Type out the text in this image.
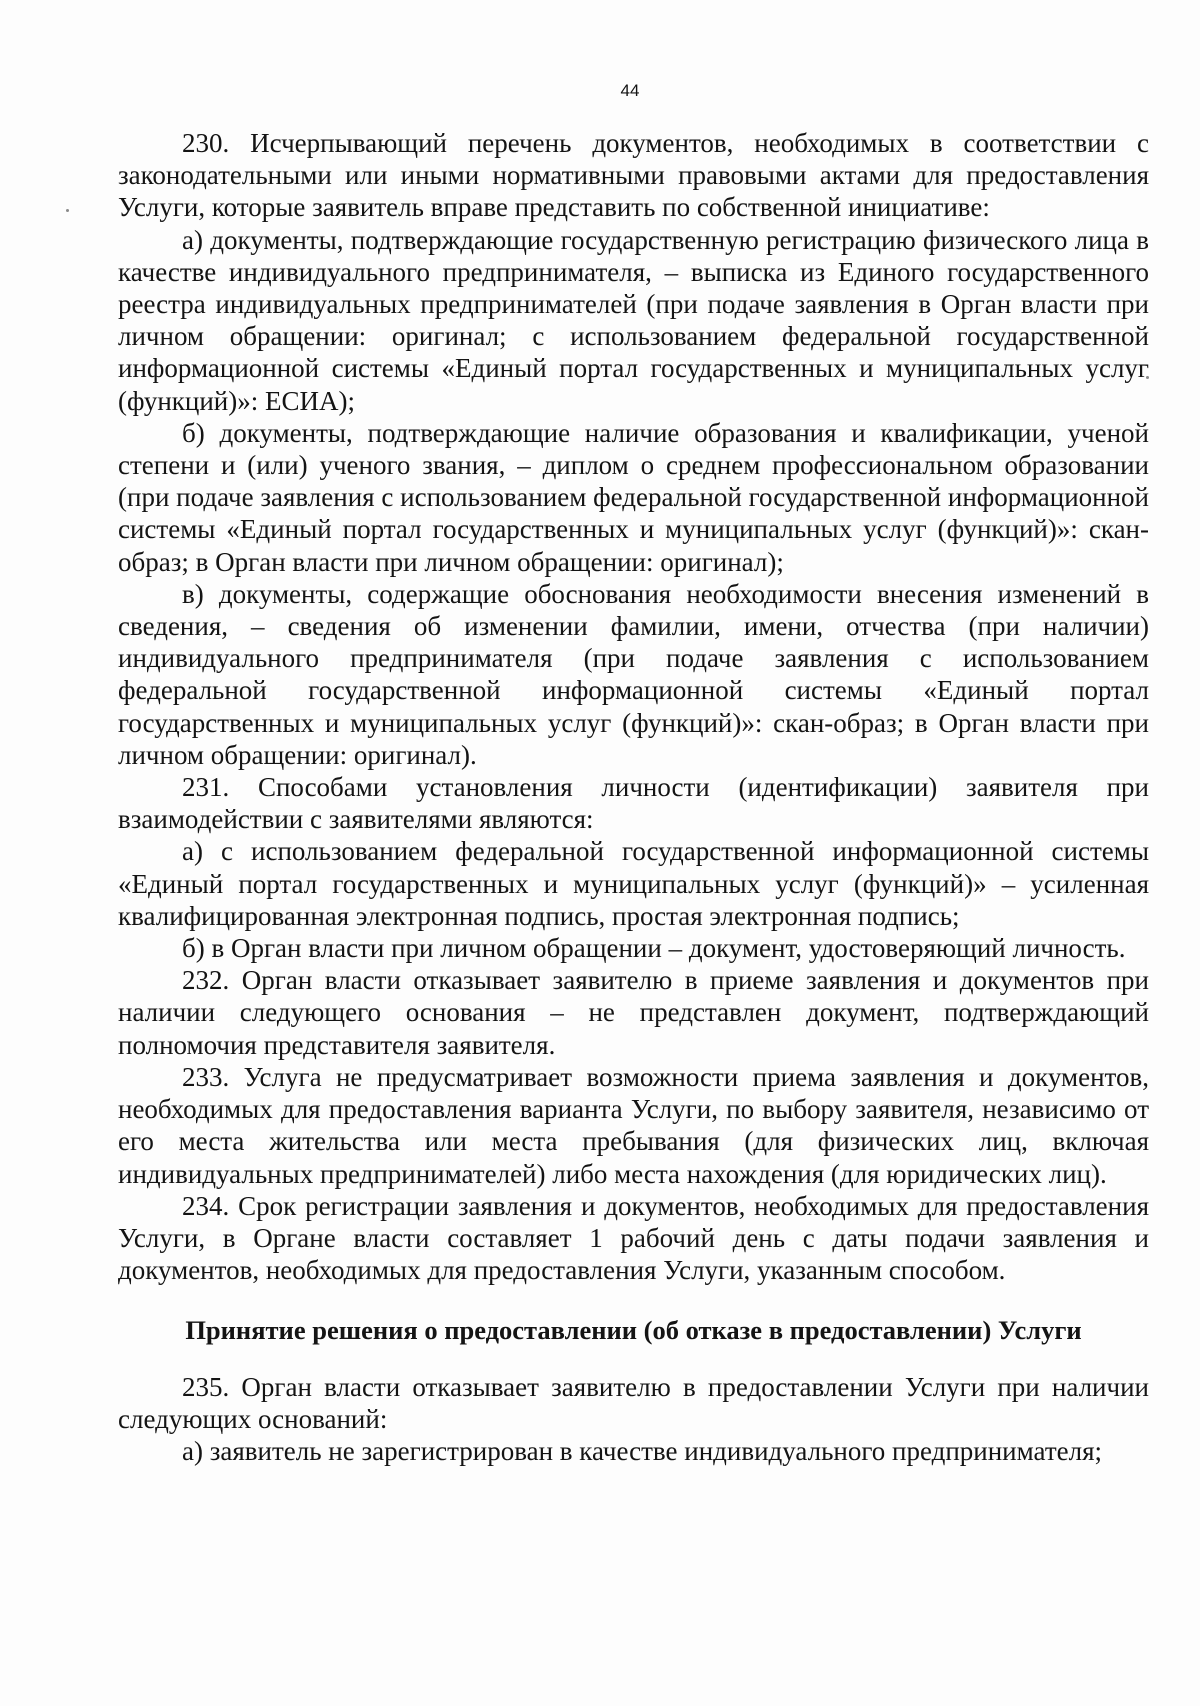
44

230. Исчерпывающий перечень документов, необходимых в соответствии с законодательными или иными нормативными правовыми актами для предоставления Услуги, которые заявитель вправе представить по собственной инициативе:

а) документы, подтверждающие государственную регистрацию физического лица в качестве индивидуального предпринимателя, – выписка из Единого государственного реестра индивидуальных предпринимателей (при подаче заявления в Орган власти при личном обращении: оригинал; с использованием федеральной государственной информационной системы «Единый портал государственных и муниципальных услуг (функций)»: ЕСИА);

б) документы, подтверждающие наличие образования и квалификации, ученой степени и (или) ученого звания, – диплом о среднем профессиональном образовании (при подаче заявления с использованием федеральной государственной информационной системы «Единый портал государственных и муниципальных услуг (функций)»: скан-образ; в Орган власти при личном обращении: оригинал);

в) документы, содержащие обоснования необходимости внесения изменений в сведения, – сведения об изменении фамилии, имени, отчества (при наличии) индивидуального предпринимателя (при подаче заявления с использованием федеральной государственной информационной системы «Единый портал государственных и муниципальных услуг (функций)»: скан-образ; в Орган власти при личном обращении: оригинал).

231. Способами установления личности (идентификации) заявителя при взаимодействии с заявителями являются:

а) с использованием федеральной государственной информационной системы «Единый портал государственных и муниципальных услуг (функций)» – усиленная квалифицированная электронная подпись, простая электронная подпись;

б) в Орган власти при личном обращении – документ, удостоверяющий личность.

232. Орган власти отказывает заявителю в приеме заявления и документов при наличии следующего основания – не представлен документ, подтверждающий полномочия представителя заявителя.

233. Услуга не предусматривает возможности приема заявления и документов, необходимых для предоставления варианта Услуги, по выбору заявителя, независимо от его места жительства или места пребывания (для физических лиц, включая индивидуальных предпринимателей) либо места нахождения (для юридических лиц).

234. Срок регистрации заявления и документов, необходимых для предоставления Услуги, в Органе власти составляет 1 рабочий день с даты подачи заявления и документов, необходимых для предоставления Услуги, указанным способом.

Принятие решения о предоставлении (об отказе в предоставлении) Услуги

235. Орган власти отказывает заявителю в предоставлении Услуги при наличии следующих оснований:

а) заявитель не зарегистрирован в качестве индивидуального предпринимателя;
